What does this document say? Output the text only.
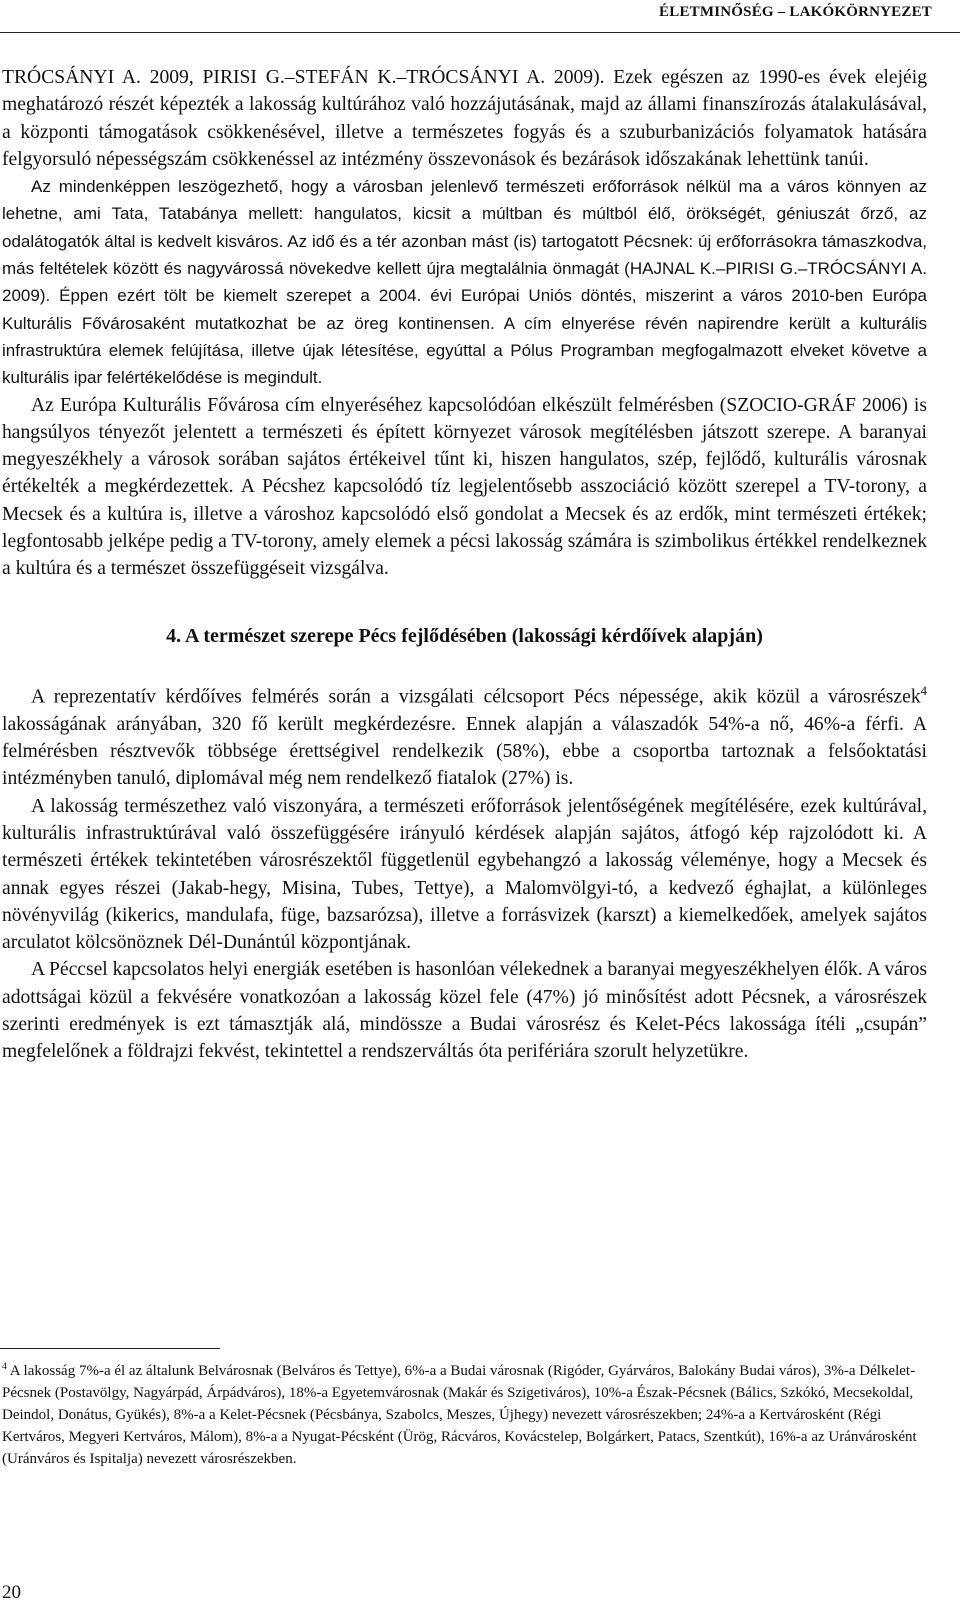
ÉLETMINŐSÉG – LAKÓKÖRNYEZET

TRÓCSÁNYI A. 2009, PIRISI G.–STEFÁN K.–TRÓCSÁNYI A. 2009). Ezek egészen az 1990-es évek elejéig meghatározó részét képezték a lakosság kultúrához való hozzájutásának, majd az állami finanszírozás átalakulásával, a központi támogatások csökkenésével, illetve a természetes fogyás és a szuburbanizációs folyamatok hatására felgyorsuló népességszám csökkenéssel az intézmény összevonások és bezárások időszakának lehettünk tanúi.

Az mindenképpen leszögezhető, hogy a városban jelenlevő természeti erőforrások nélkül ma a város könnyen az lehetne, ami Tata, Tatabánya mellett: hangulatos, kicsit a múltban és múltból élő, örökségét, géniuszát őrző, az odalátogatók által is kedvelt kisváros. Az idő és a tér azonban mást (is) tartogatott Pécsnek: új erőforrásokra támaszkodva, más feltételek között és nagyvárossá növekedve kellett újra megtalálnia önmagát (HAJNAL K.–PIRISI G.–TRÓCSÁNYI A. 2009). Éppen ezért tölt be kiemelt szerepet a 2004. évi Európai Uniós döntés, miszerint a város 2010-ben Európa Kulturális Fővárosaként mutatkozhat be az öreg kontinensen. A cím elnyerése révén napirendre került a kulturális infrastruktúra elemek felújítása, illetve újak létesítése, egyúttal a Pólus Programban megfogalmazott elveket követve a kulturális ipar felértékelődése is megindult.

Az Európa Kulturális Fővárosa cím elnyeréséhez kapcsolódóan elkészült felmérésben (SZOCIO-GRÁF 2006) is hangsúlyos tényezőt jelentett a természeti és épített környezet városok megítélésben játszott szerepe. A baranyai megyeszékhely a városok sorában sajátos értékeivel tűnt ki, hiszen hangulatos, szép, fejlődő, kulturális városnak értékelték a megkérdezettek. A Pécshez kapcsolódó tíz legjelentősebb asszociáció között szerepel a TV-torony, a Mecsek és a kultúra is, illetve a városhoz kapcsolódó első gondolat a Mecsek és az erdők, mint természeti értékek; legfontosabb jelképe pedig a TV-torony, amely elemek a pécsi lakosság számára is szimbolikus értékkel rendelkeznek a kultúra és a természet összefüggéseit vizsgálva.

4. A természet szerepe Pécs fejlődésében (lakossági kérdőívek alapján)

A reprezentatív kérdőíves felmérés során a vizsgálati célcsoport Pécs népessége, akik közül a városrészek$^4$ lakosságának arányában, 320 fő került megkérdezésre. Ennek alapján a válaszadók 54%-a nő, 46%-a férfi. A felmérésben résztvevők többsége érettségivel rendelkezik (58%), ebbe a csoportba tartoznak a felsőoktatási intézményben tanuló, diplomával még nem rendelkező fiatalok (27%) is.

A lakosság természethez való viszonyára, a természeti erőforrások jelentőségének megítélésére, ezek kultúrával, kulturális infrastruktúrával való összefüggésére irányuló kérdések alapján sajátos, átfogó kép rajzolódott ki. A természeti értékek tekintetében városrészektől függetlenül egybehangzó a lakosság véleménye, hogy a Mecsek és annak egyes részei (Jakab-hegy, Misina, Tubes, Tettye), a Malomvölgyi-tó, a kedvező éghajlat, a különleges növényvilág (kikerics, mandulafa, füge, bazsarózsa), illetve a forrásvizek (karszt) a kiemelkedőek, amelyek sajátos arculatot kölcsönöznek Dél-Dunántúl központjának.

A Péccsel kapcsolatos helyi energiák esetében is hasonlóan vélekednek a baranyai megyeszékhelyen élők. A város adottságai közül a fekvésére vonatkozóan a lakosság közel fele (47%) jó minősítést adott Pécsnek, a városrészek szerinti eredmények is ezt támasztják alá, mindössze a Budai városrész és Kelet-Pécs lakossága ítéli „csupán” megfelelőnek a földrajzi fekvést, tekintettel a rendszerváltás óta perifériára szorult helyzetükre.

$^4$ A lakosság 7%-a él az általunk Belvárosnak (Belváros és Tettye), 6%-a a Budai városnak (Rigóder, Gyárváros, Balokány Budai város), 3%-a Délkelet-Pécsnek (Postavölgy, Nagyárpád, Árpádváros), 18%-a Egyetemvárosnak (Makár és Szigetiváros), 10%-a Észak-Pécsnek (Bálics, Szkókó, Mecsekoldal, Deindol, Donátus, Gyükés), 8%-a a Kelet-Pécsnek (Pécsbánya, Szabolcs, Meszes, Újhegy) nevezett városrészekben; 24%-a a Kertvárosként (Régi Kertváros, Megyeri Kertváros, Málom), 8%-a a Nyugat-Pécsként (Ürög, Rácváros, Kovácstelep, Bolgárkert, Patacs, Szentkút), 16%-a az Uránvárosként (Uránváros és Ispitalja) nevezett városrészekben.

20
